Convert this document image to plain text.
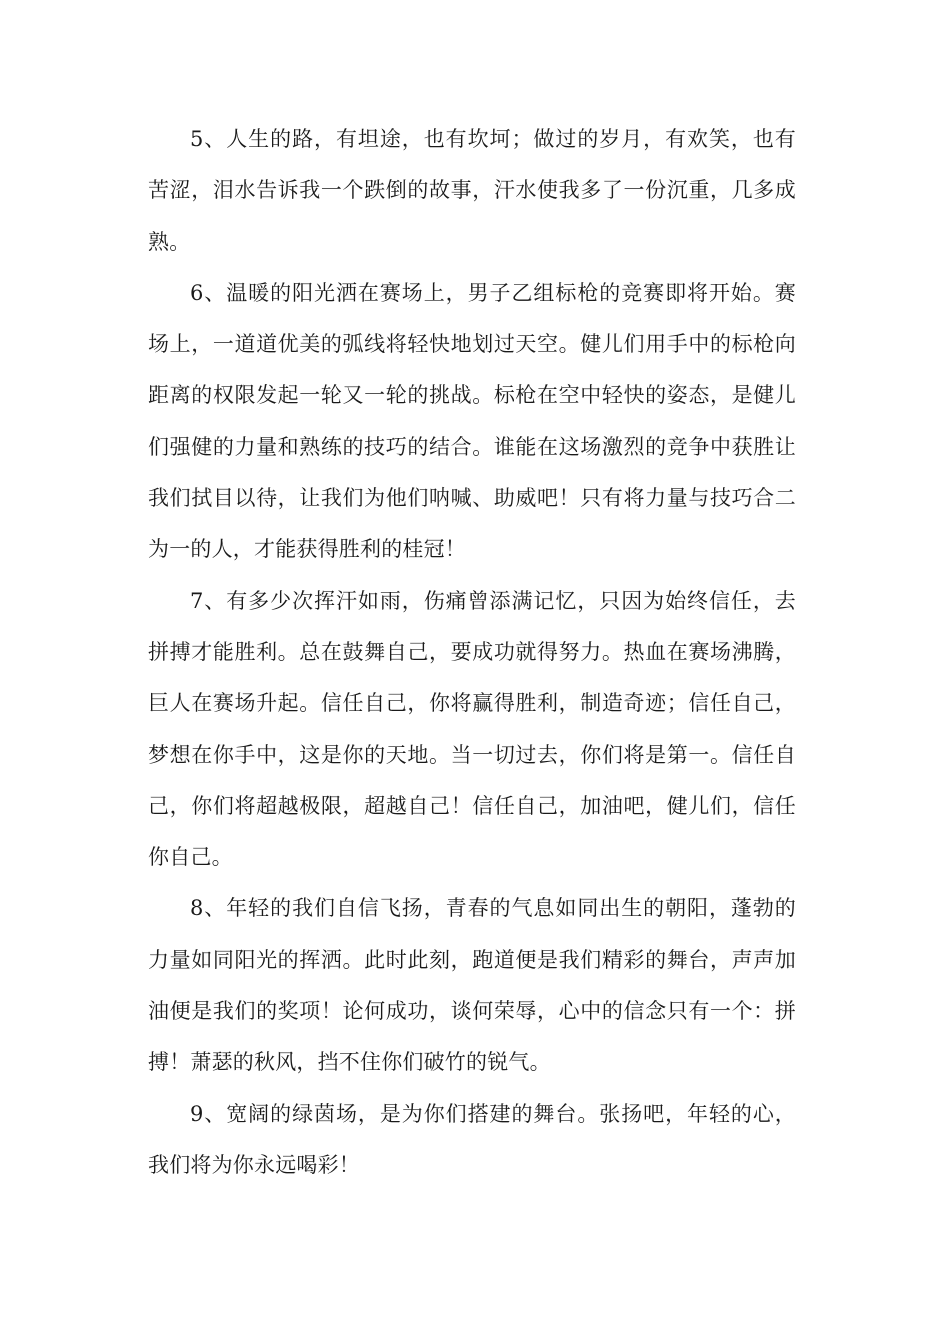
5、人生的路，有坦途，也有坎坷；做过的岁月，有欢笑，也有苦涩，泪水告诉我一个跌倒的故事，汗水使我多了一份沉重，几多成熟。

6、温暖的阳光洒在赛场上，男子乙组标枪的竞赛即将开始。赛场上，一道道优美的弧线将轻快地划过天空。健儿们用手中的标枪向距离的权限发起一轮又一轮的挑战。标枪在空中轻快的姿态，是健儿们强健的力量和熟练的技巧的结合。谁能在这场激烈的竞争中获胜让我们拭目以待，让我们为他们呐喊、助威吧！只有将力量与技巧合二为一的人，才能获得胜利的桂冠！

7、有多少次挥汗如雨，伤痛曾添满记忆，只因为始终信任，去拼搏才能胜利。总在鼓舞自己，要成功就得努力。热血在赛场沸腾，巨人在赛场升起。信任自己，你将赢得胜利，制造奇迹；信任自己，梦想在你手中，这是你的天地。当一切过去，你们将是第一。信任自己，你们将超越极限，超越自己！信任自己，加油吧，健儿们，信任你自己。

8、年轻的我们自信飞扬，青春的气息如同出生的朝阳，蓬勃的力量如同阳光的挥洒。此时此刻，跑道便是我们精彩的舞台，声声加油便是我们的奖项！论何成功，谈何荣辱，心中的信念只有一个：拼搏！萧瑟的秋风，挡不住你们破竹的锐气。

9、宽阔的绿茵场，是为你们搭建的舞台。张扬吧，年轻的心，我们将为你永远喝彩！
